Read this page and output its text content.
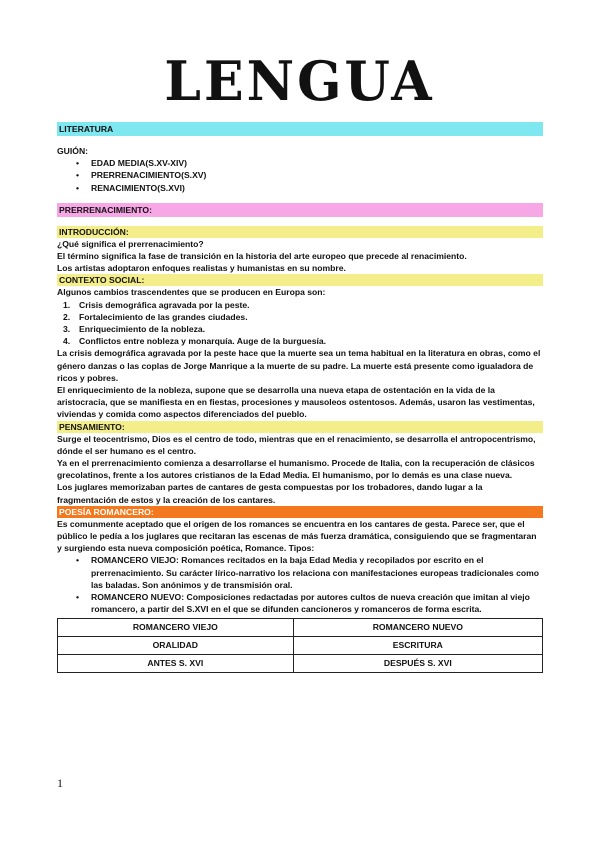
LENGUA
LITERATURA

GUIÓN:

• EDAD MEDIA(S.XV-XIV)
• PRERRENACIMIENTO(S.XV)
• RENACIMIENTO(S.XVI)
PRERRENACIMIENTO:
INTRODUCCIÓN:

¿Qué significa el prerrenacimiento?

El término significa la fase de transición en la historia del arte europeo que precede al renacimiento.

Los artistas adoptaron enfoques realistas y humanistas en su nombre.

CONTEXTO SOCIAL:

Algunos cambios trascendentes que se producen en Europa son:

1. Crisis demográfica agravada por la peste.
2. Fortalecimiento de las grandes ciudades.
3. Enriquecimiento de la nobleza.
4. Conflictos entre nobleza y monarquía. Auge de la burguesía.

La crisis demográfica agravada por la peste hace que la muerte sea un tema habitual en la literatura en obras, como el género danzas o las coplas de Jorge Manrique a la muerte de su padre. La muerte está presente como igualadora de ricos y pobres.

El enriquecimiento de la nobleza, supone que se desarrolla una nueva etapa de ostentación en la vida de la aristocracia, que se manifiesta en en fiestas, procesiones y mausoleos ostentosos. Además, usaron las vestimentas, viviendas y comida como aspectos diferenciados del pueblo.

PENSAMIENTO:

Surge el teocentrismo, Dios es el centro de todo, mientras que en el renacimiento, se desarrolla el antropocentrismo, dónde el ser humano es el centro.

Ya en el prerrenacimiento comienza a desarrollarse el humanismo. Procede de Italia, con la recuperación de clásicos grecolatinos, frente a los autores cristianos de la Edad Media. El humanismo, por lo demás es una clase nueva.

Los juglares memorizaban partes de cantares de gesta compuestas por los trobadores, dando lugar a la fragmentación de estos y la creación de los cantares.

POESÍA ROMANCERO:

Es comunmente aceptado que el origen de los romances se encuentra en los cantares de gesta. Parece ser, que el público le pedía a los juglares que recitaran las escenas de más fuerza dramática, consiguiendo que se fragmentaran y surgiendo esta nueva composición poética, Romance. Tipos:

• ROMANCERO VIEJO: Romances recitados en la baja Edad Media y recopilados por escrito en el prerrenacimiento. Su carácter lírico-narrativo los relaciona con manifestaciones europeas tradicionales como las baladas. Son anónimos y de transmisión oral.
• ROMANCERO NUEVO: Composiciones redactadas por autores cultos de nueva creación que imitan al viejo romancero, a partir del S.XVI en el que se difunden cancioneros y romanceros de forma escrita.
ROMANCERO VIEJO	ROMANCERO NUEVO
ORALIDAD	ESCRITURA
ANTES S. XVI	DESPUÉS S. XVI
1
